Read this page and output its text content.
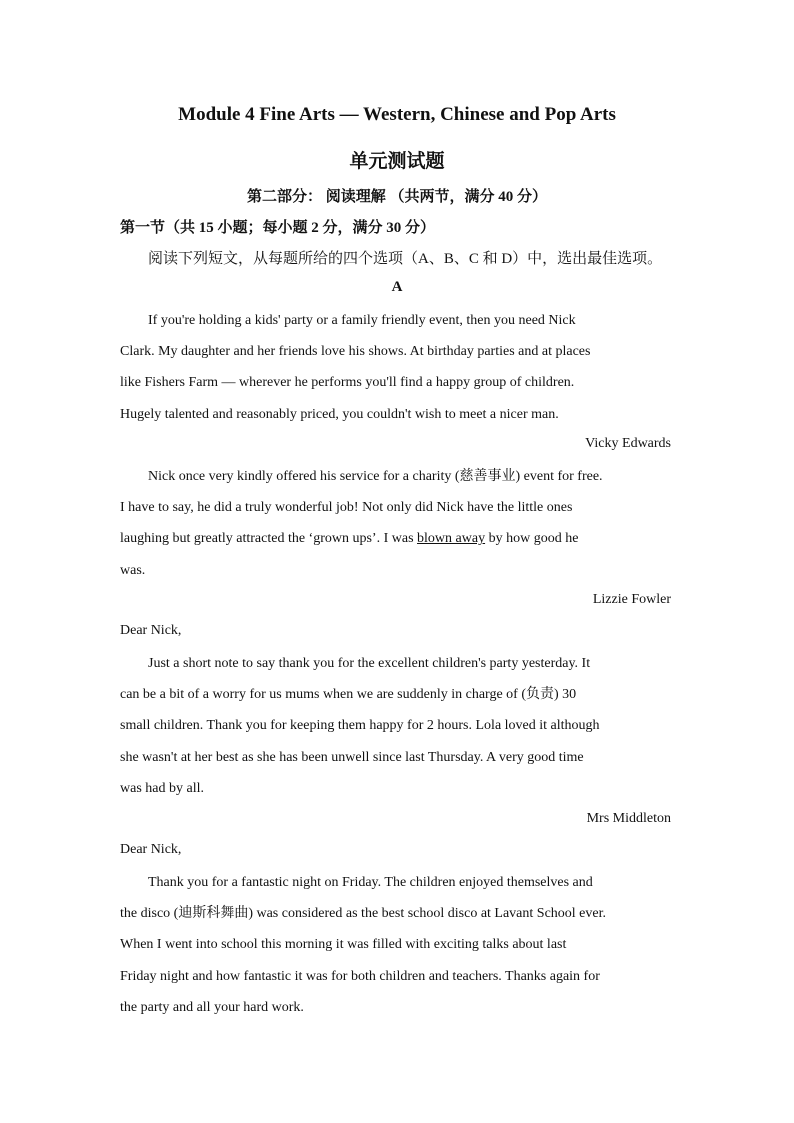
Module 4 Fine Arts — Western, Chinese and Pop Arts
单元测试题
第二部分： 阅读理解 （共两节，满分 40 分）
第一节（共 15 小题；每小题 2 分，满分 30 分）
阅读下列短文，从每题所给的四个选项（A、B、C 和 D）中，选出最佳选项。
A
If you're holding a kids' party or a family friendly event, then you need Nick
Clark. My daughter and her friends love his shows. At birthday parties and at places
like Fishers Farm — wherever he performs you'll find a happy group of children.
Hugely talented and reasonably priced, you couldn't wish to meet a nicer man.
Vicky Edwards
Nick once very kindly offered his service for a charity (慈善事业) event for free.
I have to say, he did a truly wonderful job! Not only did Nick have the little ones
laughing but greatly attracted the ‘grown ups’. I was blown away by how good he
was.
Lizzie Fowler
Dear Nick,
Just a short note to say thank you for the excellent children's party yesterday. It
can be a bit of a worry for us mums when we are suddenly in charge of (负责) 30
small children. Thank you for keeping them happy for 2 hours. Lola loved it although
she wasn't at her best as she has been unwell since last Thursday. A very good time
was had by all.
Mrs Middleton
Dear Nick,
Thank you for a fantastic night on Friday. The children enjoyed themselves and
the disco (迪斯科舞曲) was considered as the best school disco at Lavant School ever.
When I went into school this morning it was filled with exciting talks about last
Friday night and how fantastic it was for both children and teachers. Thanks again for
the party and all your hard work.
